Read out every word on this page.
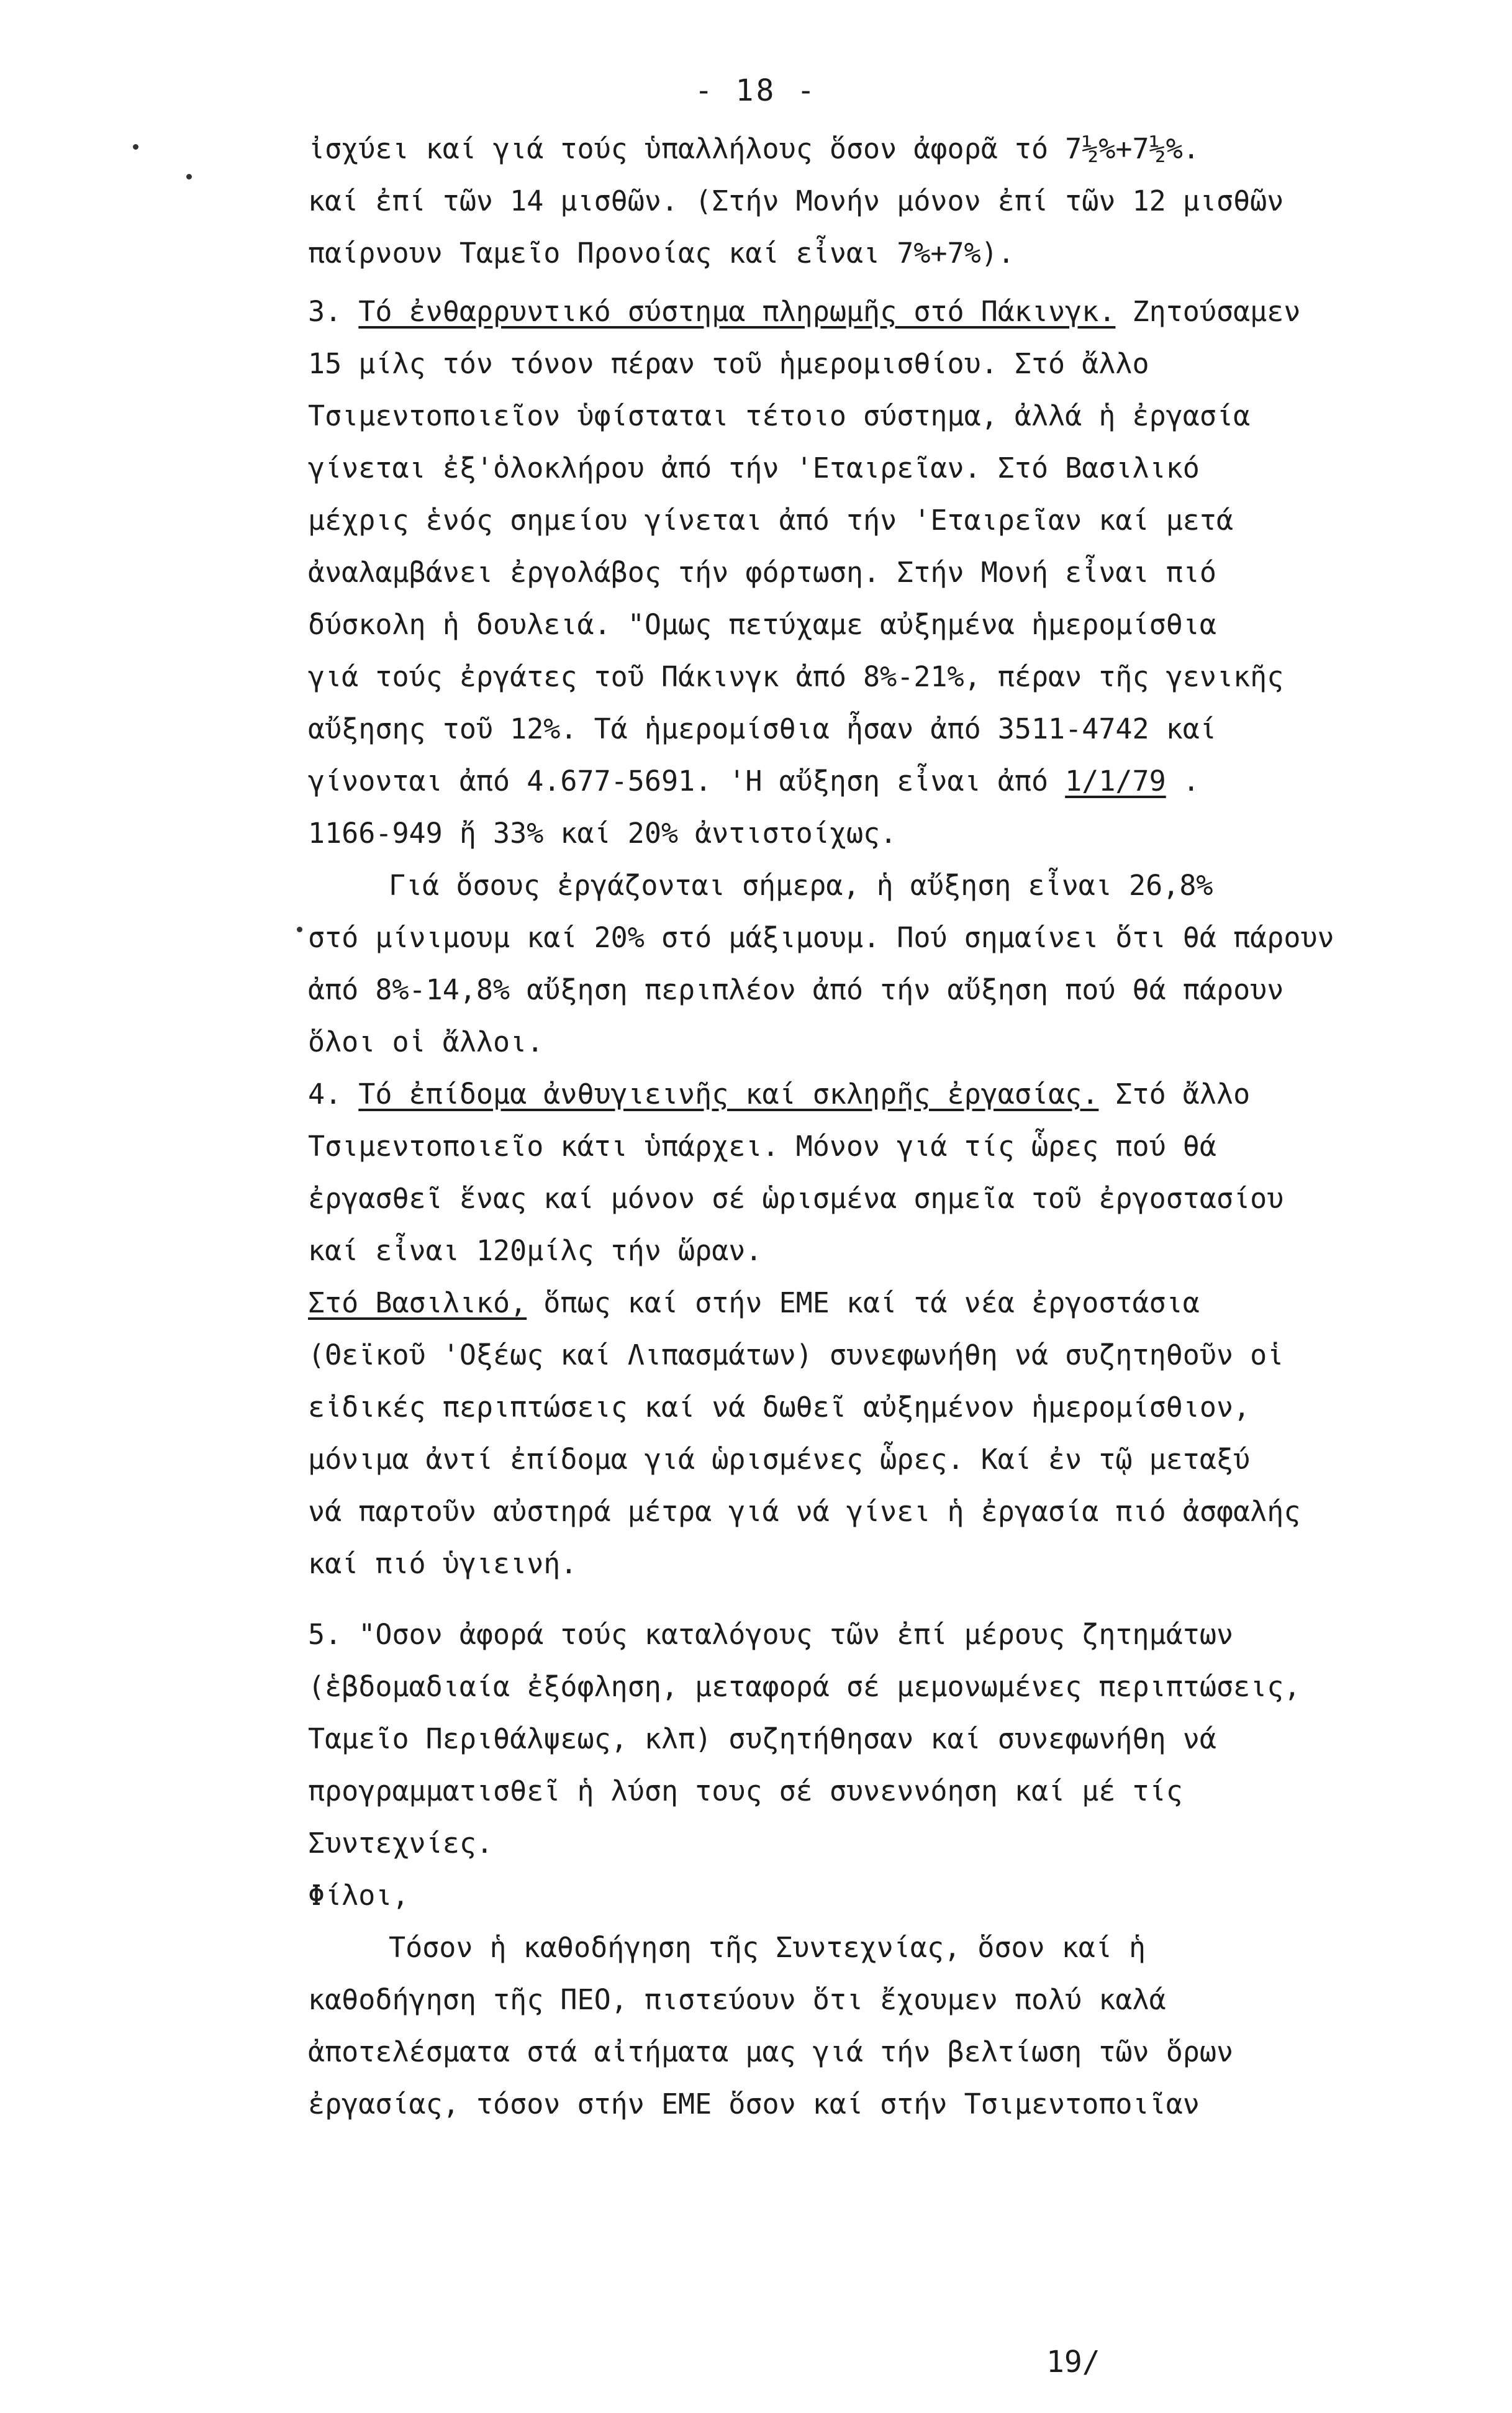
- 18 -
ἰσχύει καί γιά τούς ὑπαλλήλους ὅσον ἀφορᾶ τό 7½%+7½%.
καί ἐπί τῶν 14 μισθῶν. (Στήν Μονήν μόνον ἐπί τῶν 12 μισθῶν
παίρνουν Ταμεῖο Προνοίας καί εἶναι 7%+7%).
3. Τό ἐνθαρρυντικό σύστημα πληρωμῆς στό Πάκινγκ. Ζητούσαμεν
15 μίλς τόν τόνον πέραν τοῦ ἡμερομισθίου. Στό ἄλλο
Τσιμεντοποιεῖον ὑφίσταται τέτοιο σύστημα, ἀλλά ἡ ἐργασία
γίνεται ἐξ'ὁλοκλήρου ἀπό τήν 'Εταιρεῖαν. Στό Βασιλικό
μέχρις ἑνός σημείου γίνεται ἀπό τήν 'Εταιρεῖαν καί μετά
ἀναλαμβάνει ἐργολάβος τήν φόρτωση. Στήν Μονή εἶναι πιό
δύσκολη ἡ δουλειά. "Ομως πετύχαμε αὐξημένα ἡμερομίσθια
γιά τούς ἐργάτες τοῦ Πάκινγκ ἀπό 8%-21%, πέραν τῆς γενικῆς
αὔξησης τοῦ 12%. Τά ἡμερομίσθια ἦσαν ἀπό 3511-4742 καί
γίνονται ἀπό 4.677-5691. 'Η αὔξηση εἶναι ἀπό 1/1/79 .
1166-949 ἤ 33% καί 20% ἀντιστοίχως.
Γιά ὅσους ἐργάζονται σήμερα, ἡ αὔξηση εἶναι 26,8%
στό μίνιμουμ καί 20% στό μάξιμουμ. Πού σημαίνει ὅτι θά πάρουν
ἀπό 8%-14,8% αὔξηση περιπλέον ἀπό τήν αὔξηση πού θά πάρουν
ὅλοι οἱ ἄλλοι.
4. Τό ἐπίδομα ἀνθυγιεινῆς καί σκληρῆς ἐργασίας. Στό ἄλλο
Τσιμεντοποιεῖο κάτι ὑπάρχει. Μόνον γιά τίς ὧρες πού θά
ἐργασθεῖ ἕνας καί μόνον σέ ὡρισμένα σημεῖα τοῦ ἐργοστασίου
καί εἶναι 120μίλς τήν ὥραν.
Στό Βασιλικό, ὅπως καί στήν ΕΜΕ καί τά νέα ἐργοστάσια
(Θεϊκοῦ 'Οξέως καί Λιπασμάτων) συνεφωνήθη νά συζητηθοῦν οἱ
εἰδικές περιπτώσεις καί νά δωθεῖ αὐξημένον ἡμερομίσθιον,
μόνιμα ἀντί ἐπίδομα γιά ὡρισμένες ὧρες. Καί ἐν τῷ μεταξύ
νά παρτοῦν αὐστηρά μέτρα γιά νά γίνει ἡ ἐργασία πιό ἀσφαλής
καί πιό ὑγιεινή.
5. "Οσον ἀφορά τούς καταλόγους τῶν ἐπί μέρους ζητημάτων
(ἑβδομαδιαία ἐξόφληση, μεταφορά σέ μεμονωμένες περιπτώσεις,
Ταμεῖο Περιθάλψεως, κλπ) συζητήθησαν καί συνεφωνήθη νά
προγραμματισθεῖ ἡ λύση τους σέ συνεννόηση καί μέ τίς
Συντεχνίες.
Φίλοι,
Τόσον ἡ καθοδήγηση τῆς Συντεχνίας, ὅσον καί ἡ
καθοδήγηση τῆς ΠΕΟ, πιστεύουν ὅτι ἔχουμεν πολύ καλά
ἀποτελέσματα στά αἰτήματα μας γιά τήν βελτίωση τῶν ὅρων
ἐργασίας, τόσον στήν ΕΜΕ ὅσον καί στήν Τσιμεντοποιῖαν
19/
